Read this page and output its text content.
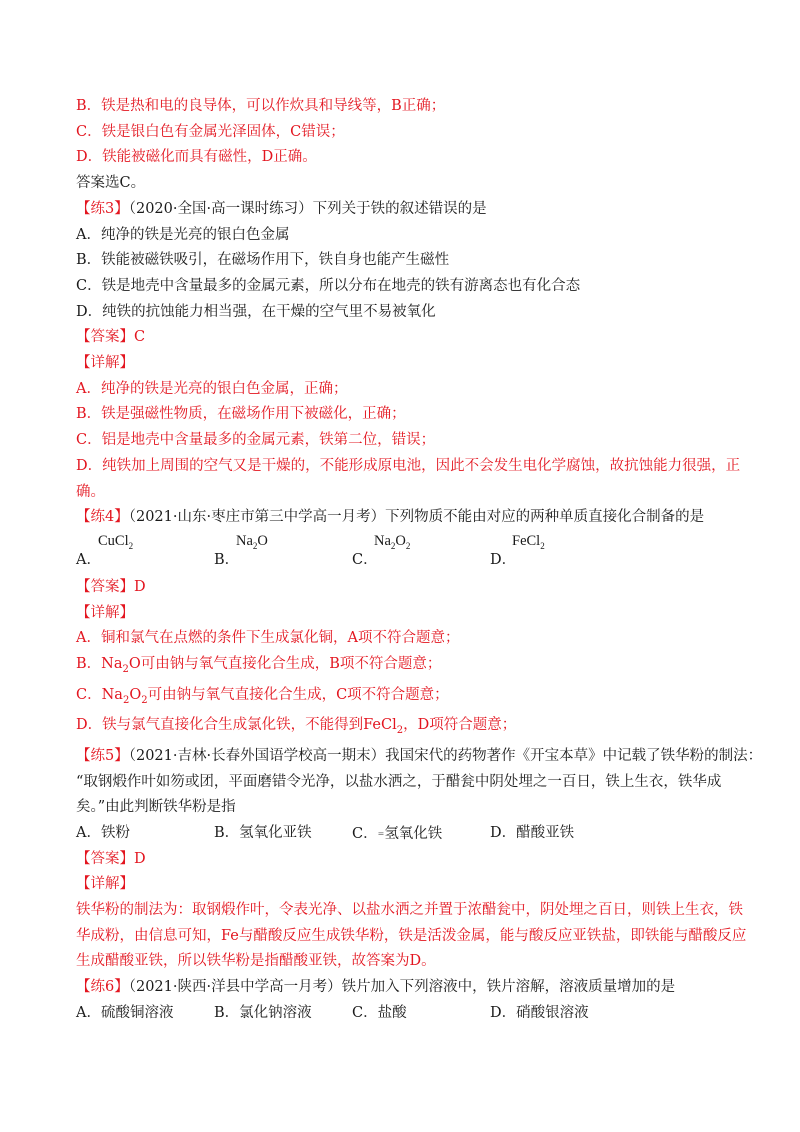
B．铁是热和电的良导体，可以作炊具和导线等，B正确；

C．铁是银白色有金属光泽固体，C错误；

D．铁能被磁化而具有磁性，D正确。

答案选C。

【练3】（2020·全国·高一课时练习）下列关于铁的叙述错误的是

A．纯净的铁是光亮的银白色金属

B．铁能被磁铁吸引，在磁场作用下，铁自身也能产生磁性

C．铁是地壳中含量最多的金属元素，所以分布在地壳的铁有游离态也有化合态

D．纯铁的抗蚀能力相当强，在干燥的空气里不易被氧化

【答案】C

【详解】

A．纯净的铁是光亮的银白色金属，正确；

B．铁是强磁性物质，在磁场作用下被磁化，正确；

C．铝是地壳中含量最多的金属元素，铁第二位，错误；

D．纯铁加上周围的空气又是干燥的，不能形成原电池，因此不会发生电化学腐蚀，故抗蚀能力很强，正

确。

【练4】（2021·山东·枣庄市第三中学高一月考）下列物质不能由对应的两种单质直接化合制备的是

A．
CuCl$_2$
B．
$Na_2O$
C．
$Na_2O_2$
D．
FeCl$_2$

【答案】D

【详解】

A．铜和氯气在点燃的条件下生成氯化铜，A项不符合题意；

B．$Na_2O$可由钠与氧气直接化合生成，B项不符合题意；

C．$Na_2O_2$可由钠与氧气直接化合生成，C项不符合题意；

D．铁与氯气直接化合生成氯化铁，不能得到FeCl$_2$，D项符合题意；

【练5】（2021·吉林·长春外国语学校高一期末）我国宋代的药物著作《开宝本草》中记载了铁华粉的制法：

“取钢煅作叶如笏或团，平面磨错令光净，以盐水洒之，于醋瓮中阴处埋之一百日，铁上生衣，铁华成

矣。”由此判断铁华粉是指

A．铁粉	B．氢氧化亚铁	C．=氢氧化铁	D．醋酸亚铁

【答案】D

【详解】

铁华粉的制法为：取钢煅作叶，令表光净、以盐水洒之并置于浓醋瓮中，阴处埋之百日，则铁上生衣，铁

华成粉，由信息可知，Fe与醋酸反应生成铁华粉，铁是活泼金属，能与酸反应亚铁盐，即铁能与醋酸反应

生成醋酸亚铁，所以铁华粉是指醋酸亚铁，故答案为D。

【练6】（2021·陕西·洋县中学高一月考）铁片加入下列溶液中，铁片溶解，溶液质量增加的是

A．硫酸铜溶液	B．氯化钠溶液	C．盐酸	D．硝酸银溶液
